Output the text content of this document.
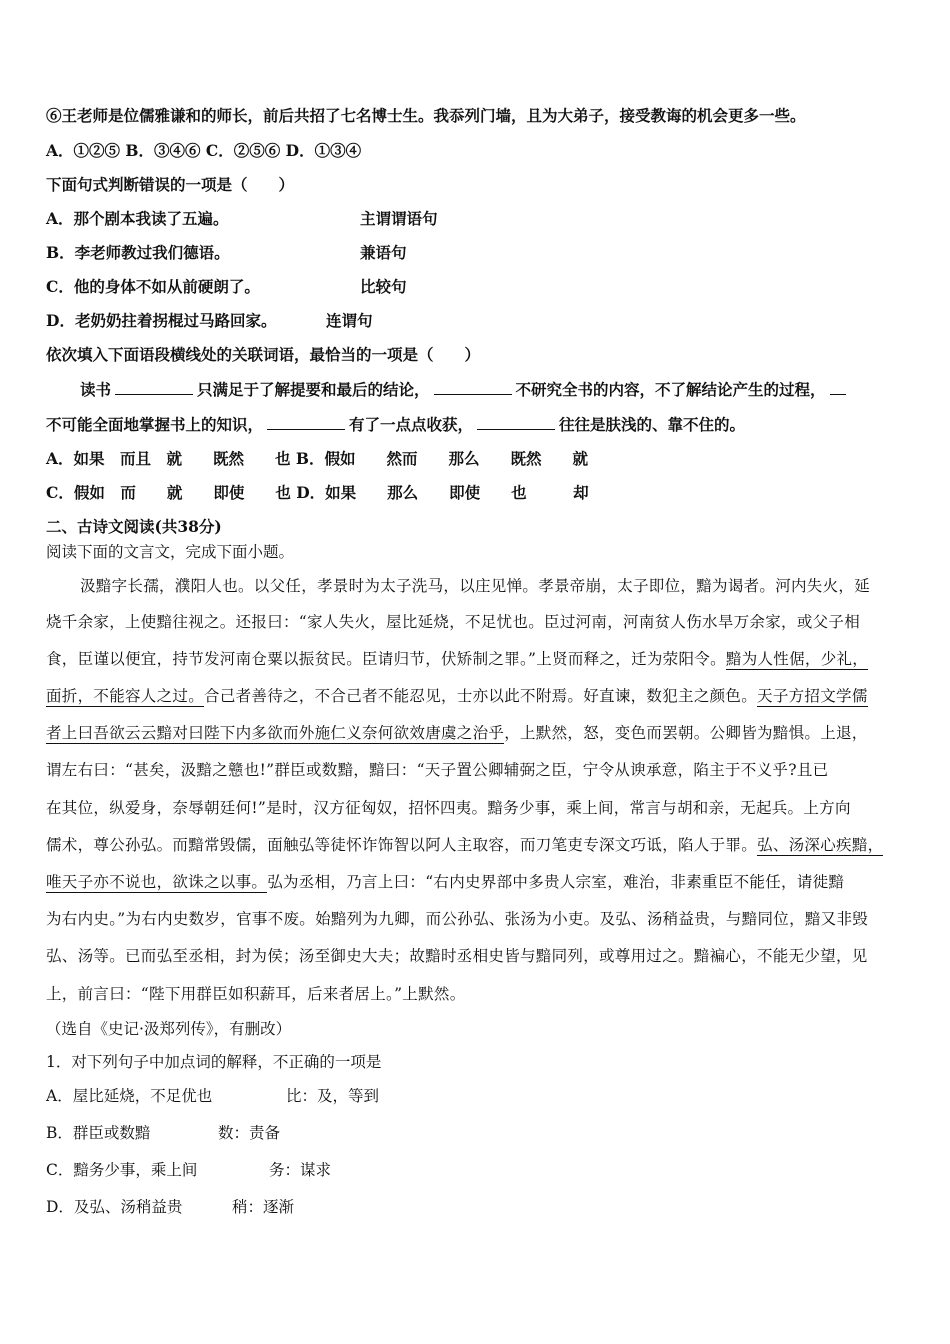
⑥王老师是位儒雅谦和的师长，前后共招了七名博士生。我忝列门墙，且为大弟子，接受教诲的机会更多一些。
A．①②⑤ B．③④⑥ C．②⑤⑥ D．①③④
下面句式判断错误的一项是（　　）
A．那个剧本我读了五遍。	主谓谓语句
B．李老师教过我们德语。	兼语句
C．他的身体不如从前硬朗了。	比较句
D．老奶奶拄着拐棍过马路回家。	连谓句
依次填入下面语段横线处的关联词语，最恰当的一项是（　　）
读书	只满足于了解提要和最后的结论，	不研究全书的内容，不了解结论产生的过程，
不可能全面地掌握书上的知识，	有了一点点收获，	往往是肤浅的、靠不住的。
A．如果　而且　就　　既然　　也 B．假如　　然而　　那么　　既然　　就
C．假如　而　　就　　即使　　也 D．如果　　那么　　即使　　也　　　却
二、古诗文阅读(共38分)
阅读下面的文言文，完成下面小题。
汲黯字长孺，濮阳人也。以父任，孝景时为太子洗马，以庄见惮。孝景帝崩，太子即位，黯为谒者。河内失火，延
烧千余家，上使黯往视之。还报曰：“家人失火，屋比延烧，不足忧也。臣过河南，河南贫人伤水旱万余家，或父子相
食，臣谨以便宜，持节发河南仓粟以振贫民。臣请归节，伏矫制之罪。”上贤而释之，迁为荥阳令。黯为人性倨，少礼，
面折，不能容人之过。合己者善待之，不合己者不能忍见，士亦以此不附焉。好直谏，数犯主之颜色。天子方招文学儒
者上曰吾欲云云黯对曰陛下内多欲而外施仁义奈何欲效唐虞之治乎，上默然，怒，变色而罢朝。公卿皆为黯惧。上退，
谓左右曰：“甚矣，汲黯之戆也!”群臣或数黯，黯曰：“天子置公卿辅弼之臣，宁令从谀承意，陷主于不义乎?且已
在其位，纵爱身，奈辱朝廷何!”是时，汉方征匈奴，招怀四夷。黯务少事，乘上间，常言与胡和亲，无起兵。上方向
儒术，尊公孙弘。而黯常毁儒，面触弘等徒怀诈饰智以阿人主取容，而刀笔吏专深文巧诋，陷人于罪。弘、汤深心疾黯，
唯天子亦不说也，欲诛之以事。弘为丞相，乃言上曰：“右内史界部中多贵人宗室，难治，非素重臣不能任，请徙黯
为右内史。”为右内史数岁，官事不废。始黯列为九卿，而公孙弘、张汤为小吏。及弘、汤稍益贵，与黯同位，黯又非毁
弘、汤等。已而弘至丞相，封为侯；汤至御史大夫；故黯时丞相史皆与黯同列，或尊用过之。黯褊心，不能无少望，见
上，前言曰：“陛下用群臣如积薪耳，后来者居上。”上默然。
（选自《史记·汲郑列传》，有删改）
1．对下列句子中加点词的解释，不正确的一项是
A．屋比延烧，不足优也	比：及，等到
B．群臣或数黯	数：责备
C．黯务少事，乘上间	务：谋求
D．及弘、汤稍益贵	稍：逐渐
